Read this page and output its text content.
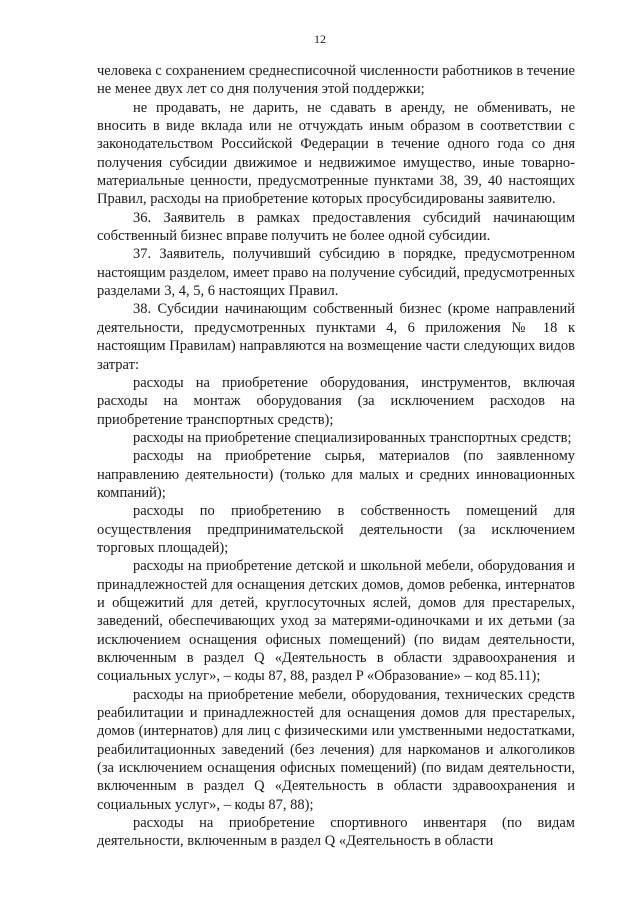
12

человека с сохранением среднесписочной численности работников в течение не менее двух лет со дня получения этой поддержки;

не продавать, не дарить, не сдавать в аренду, не обменивать, не вносить в виде вклада или не отчуждать иным образом в соответствии с законодательством Российской Федерации в течение одного года со дня получения субсидии движимое и недвижимое имущество, иные товарно-материальные ценности, предусмотренные пунктами 38, 39, 40 настоящих Правил, расходы на приобретение которых просубсидированы заявителю.

36. Заявитель в рамках предоставления субсидий начинающим собственный бизнес вправе получить не более одной субсидии.

37. Заявитель, получивший субсидию в порядке, предусмотренном настоящим разделом, имеет право на получение субсидий, предусмотренных разделами 3, 4, 5, 6 настоящих Правил.

38. Субсидии начинающим собственный бизнес (кроме направлений деятельности, предусмотренных пунктами 4, 6 приложения № 18 к настоящим Правилам) направляются на возмещение части следующих видов затрат:

расходы на приобретение оборудования, инструментов, включая расходы на монтаж оборудования (за исключением расходов на приобретение транспортных средств);

расходы на приобретение специализированных транспортных средств;

расходы на приобретение сырья, материалов (по заявленному направлению деятельности) (только для малых и средних инновационных компаний);

расходы по приобретению в собственность помещений для осуществления предпринимательской деятельности (за исключением торговых площадей);

расходы на приобретение детской и школьной мебели, оборудования и принадлежностей для оснащения детских домов, домов ребенка, интернатов и общежитий для детей, круглосуточных яслей, домов для престарелых, заведений, обеспечивающих уход за матерями-одиночками и их детьми (за исключением оснащения офисных помещений) (по видам деятельности, включенным в раздел Q «Деятельность в области здравоохранения и социальных услуг», – коды 87, 88, раздел P «Образование» – код 85.11);

расходы на приобретение мебели, оборудования, технических средств реабилитации и принадлежностей для оснащения домов для престарелых, домов (интернатов) для лиц с физическими или умственными недостатками, реабилитационных заведений (без лечения) для наркоманов и алкоголиков (за исключением оснащения офисных помещений) (по видам деятельности, включенным в раздел Q «Деятельность в области здравоохранения и социальных услуг», – коды 87, 88);

расходы на приобретение спортивного инвентаря (по видам деятельности, включенным в раздел Q «Деятельность в области
